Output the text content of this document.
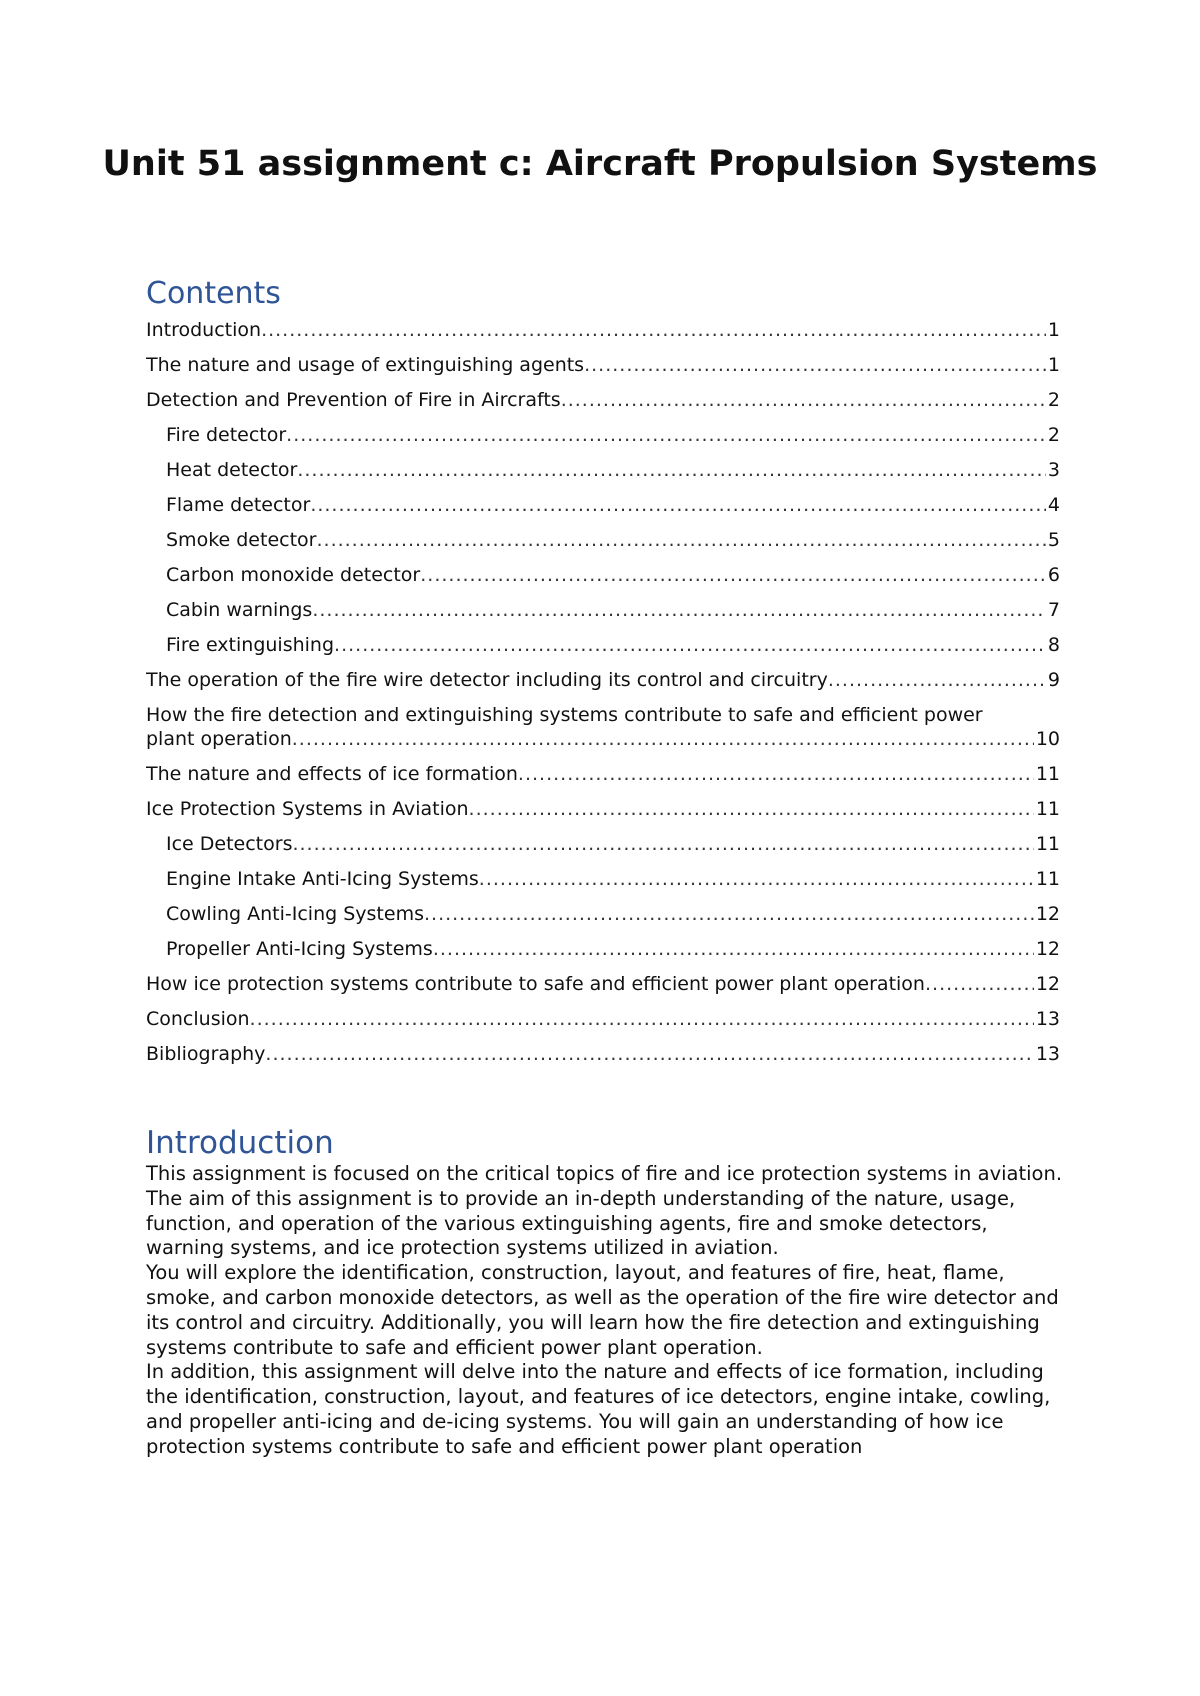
Unit 51 assignment c: Aircraft Propulsion Systems
Contents
Introduction .....	1
The nature and usage of extinguishing agents .....	1
Detection and Prevention of Fire in Aircrafts .....	2
Fire detector .....	2
Heat detector .....	3
Flame detector .....	4
Smoke detector .....	5
Carbon monoxide detector .....	6
Cabin warnings .....	7
Fire extinguishing .....	8
The operation of the fire wire detector including its control and circuitry .....	9
How the fire detection and extinguishing systems contribute to safe and efficient power
plant operation .....	10
The nature and effects of ice formation .....	11
Ice Protection Systems in Aviation .....	11
Ice Detectors .....	11
Engine Intake Anti-Icing Systems .....	11
Cowling Anti-Icing Systems .....	12
Propeller Anti-Icing Systems .....	12
How ice protection systems contribute to safe and efficient power plant operation .....	12
Conclusion .....	13
Bibliography .....	13
Introduction

This assignment is focused on the critical topics of fire and ice protection systems in aviation.

The aim of this assignment is to provide an in-depth understanding of the nature, usage, function, and operation of the various extinguishing agents, fire and smoke detectors, warning systems, and ice protection systems utilized in aviation.

You will explore the identification, construction, layout, and features of fire, heat, flame, smoke, and carbon monoxide detectors, as well as the operation of the fire wire detector and its control and circuitry. Additionally, you will learn how the fire detection and extinguishing systems contribute to safe and efficient power plant operation.

In addition, this assignment will delve into the nature and effects of ice formation, including the identification, construction, layout, and features of ice detectors, engine intake, cowling, and propeller anti-icing and de-icing systems. You will gain an understanding of how ice protection systems contribute to safe and efficient power plant operation
